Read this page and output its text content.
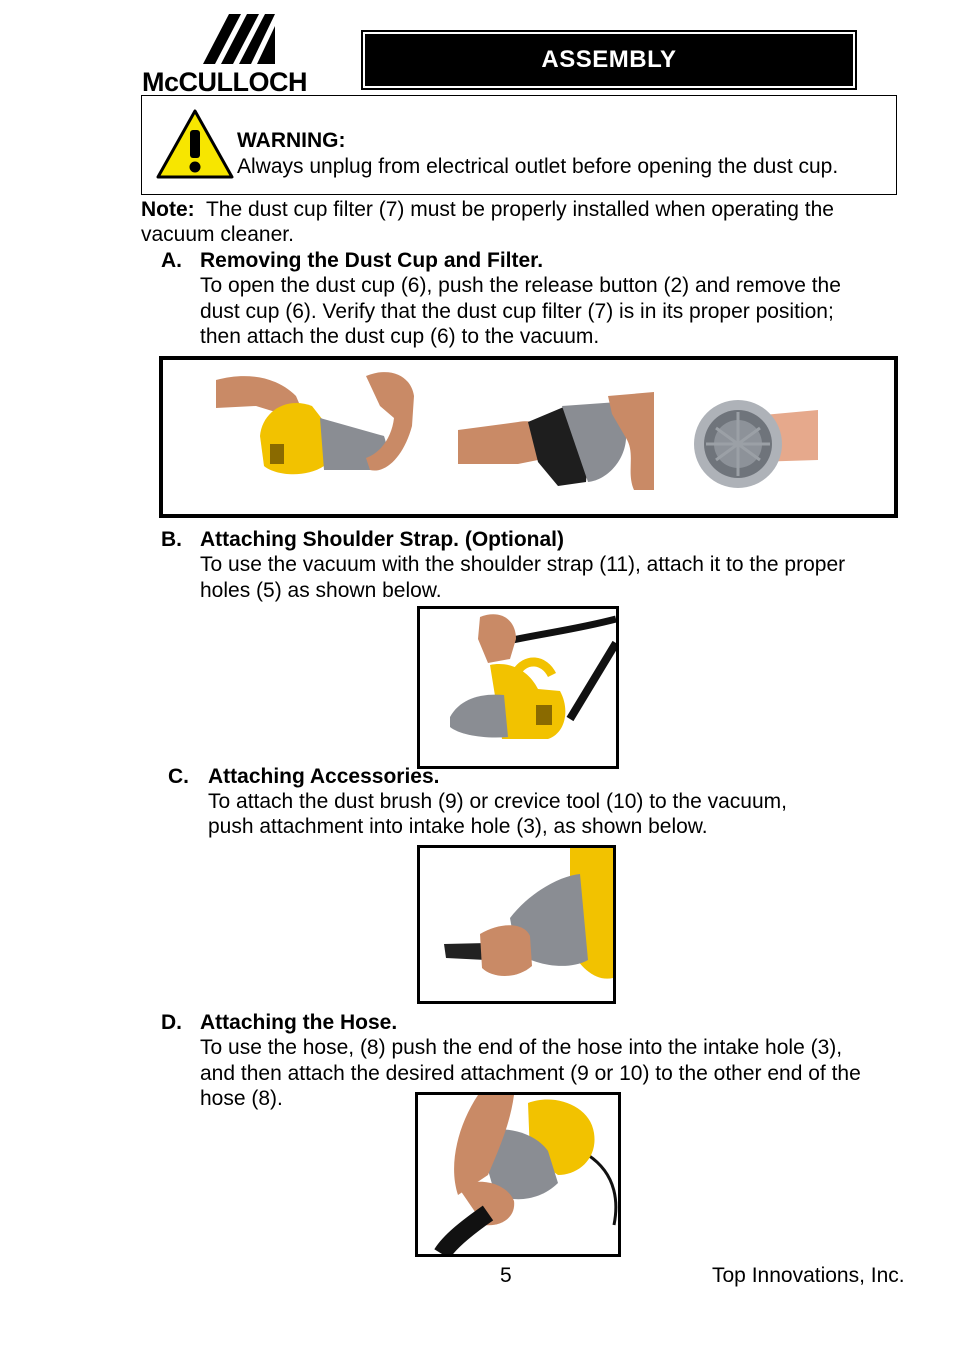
McCULLOCH
ASSEMBLY
WARNING:
Always unplug from electrical outlet before opening the dust cup.
Note:  The dust cup filter (7) must be properly installed when operating the
vacuum cleaner.
A. Removing the Dust Cup and Filter.
To open the dust cup (6), push the release button (2) and remove the
dust cup (6). Verify that the dust cup filter (7) is in its proper position;
then attach the dust cup (6) to the vacuum.
B. Attaching Shoulder Strap. (Optional)
To use the vacuum with the shoulder strap (11), attach it to the proper
holes (5) as shown below.
C. Attaching Accessories.
To attach the dust brush (9) or crevice tool (10) to the vacuum,
push attachment into intake hole (3), as shown below.
D. Attaching the Hose.
To use the hose, (8) push the end of the hose into the intake hole (3),
and then attach the desired attachment (9 or 10) to the other end of the
hose (8).
5	Top Innovations, Inc.
